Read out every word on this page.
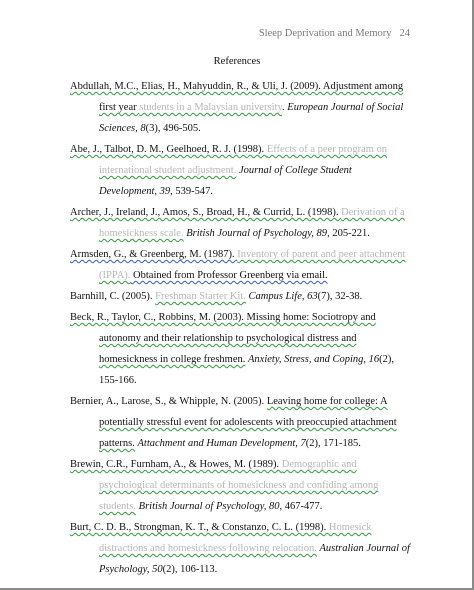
Sleep Deprivation and Memory 24
References

Abdullah, M.C., Elias, H., Mahyuddin, R., & Uli, J. (2009). Adjustment among first year students in a Malaysian university. European Journal of Social Sciences, 8(3), 496-505.

Abe, J., Talbot, D. M., Geelhoed, R. J. (1998). Effects of a peer program on international student adjustment. Journal of College Student Development, 39, 539-547.

Archer, J., Ireland, J., Amos, S., Broad, H., & Currid, L. (1998). Derivation of a homesickness scale. British Journal of Psychology, 89, 205-221.

Armsden, G., & Greenberg, M. (1987). Inventory of parent and peer attachment (IPPA). Obtained from Professor Greenberg via email.

Barnhill, C. (2005). Freshman Starter Kit. Campus Life, 63(7), 32-38.

Beck, R., Taylor, C., Robbins, M. (2003). Missing home: Sociotropy and autonomy and their relationship to psychological distress and homesickness in college freshmen. Anxiety, Stress, and Coping, 16(2), 155-166.

Bernier, A., Larose, S., & Whipple, N. (2005). Leaving home for college: A potentially stressful event for adolescents with preoccupied attachment patterns. Attachment and Human Development, 7(2), 171-185.

Brewin, C.R., Furnham, A., & Howes, M. (1989). Demographic and psychological determinants of homesickness and confiding among students. British Journal of Psychology, 80, 467-477.

Burt, C. D. B., Strongman, K. T., & Constanzo, C. L. (1998). Homesick distractions and homesickness following relocation. Australian Journal of Psychology, 50(2), 106-113.
